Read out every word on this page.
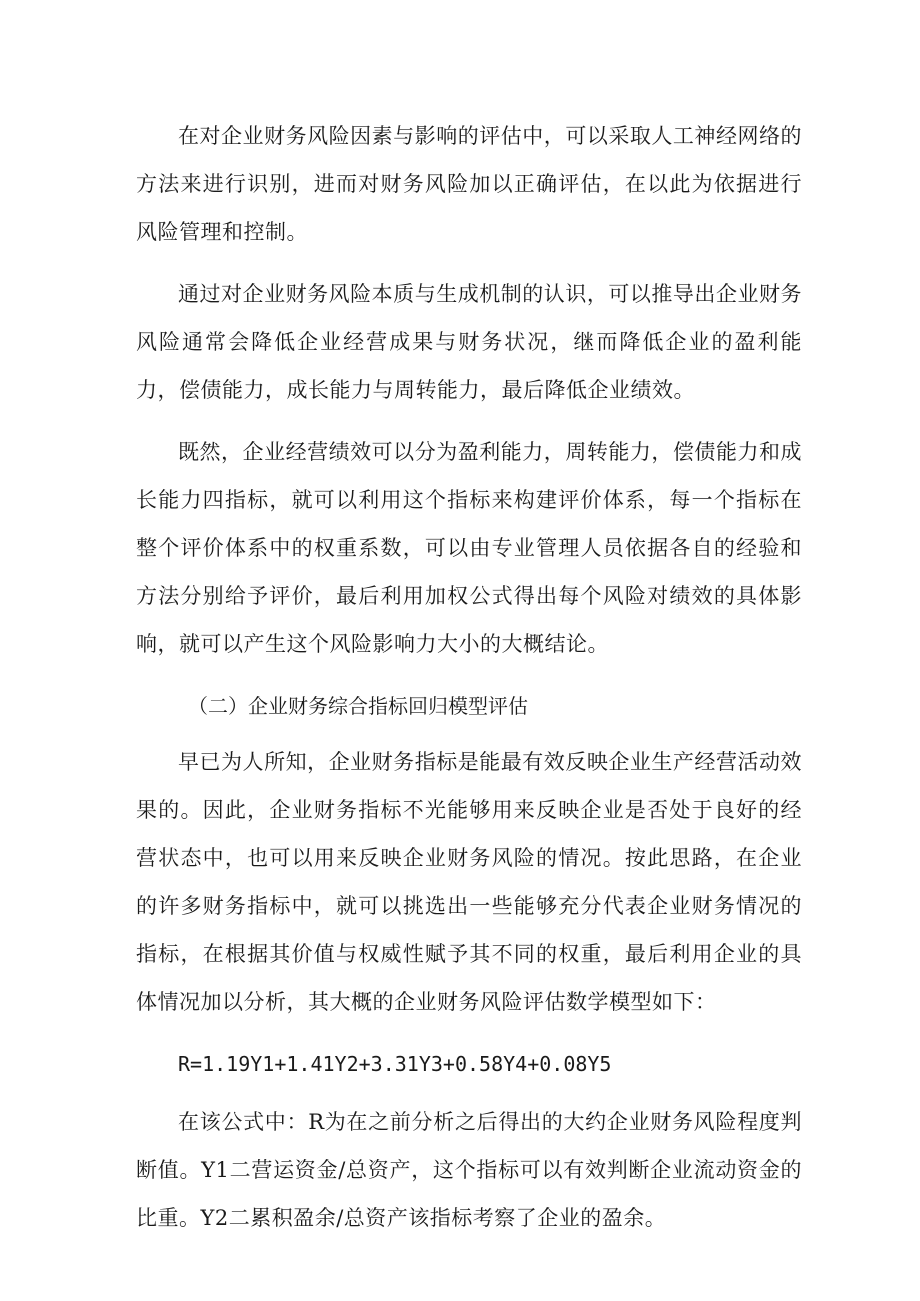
在对企业财务风险因素与影响的评估中，可以采取人工神经网络的方法来进行识别，进而对财务风险加以正确评估，在以此为依据进行风险管理和控制。

通过对企业财务风险本质与生成机制的认识，可以推导出企业财务风险通常会降低企业经营成果与财务状况，继而降低企业的盈利能力，偿债能力，成长能力与周转能力，最后降低企业绩效。

既然，企业经营绩效可以分为盈利能力，周转能力，偿债能力和成长能力四指标，就可以利用这个指标来构建评价体系，每一个指标在整个评价体系中的权重系数，可以由专业管理人员依据各自的经验和方法分别给予评价，最后利用加权公式得出每个风险对绩效的具体影响，就可以产生这个风险影响力大小的大概结论。

（二）企业财务综合指标回归模型评估

早已为人所知，企业财务指标是能最有效反映企业生产经营活动效果的。因此，企业财务指标不光能够用来反映企业是否处于良好的经营状态中，也可以用来反映企业财务风险的情况。按此思路，在企业的许多财务指标中，就可以挑选出一些能够充分代表企业财务情况的指标，在根据其价值与权威性赋予其不同的权重，最后利用企业的具体情况加以分析，其大概的企业财务风险评估数学模型如下：

R=1.19Y1+1.41Y2+3.31Y3+0.58Y4+0.08Y5

在该公式中：R为在之前分析之后得出的大约企业财务风险程度判断值。Y1二营运资金/总资产，这个指标可以有效判断企业流动资金的比重。Y2二累积盈余/总资产该指标考察了企业的盈余。
